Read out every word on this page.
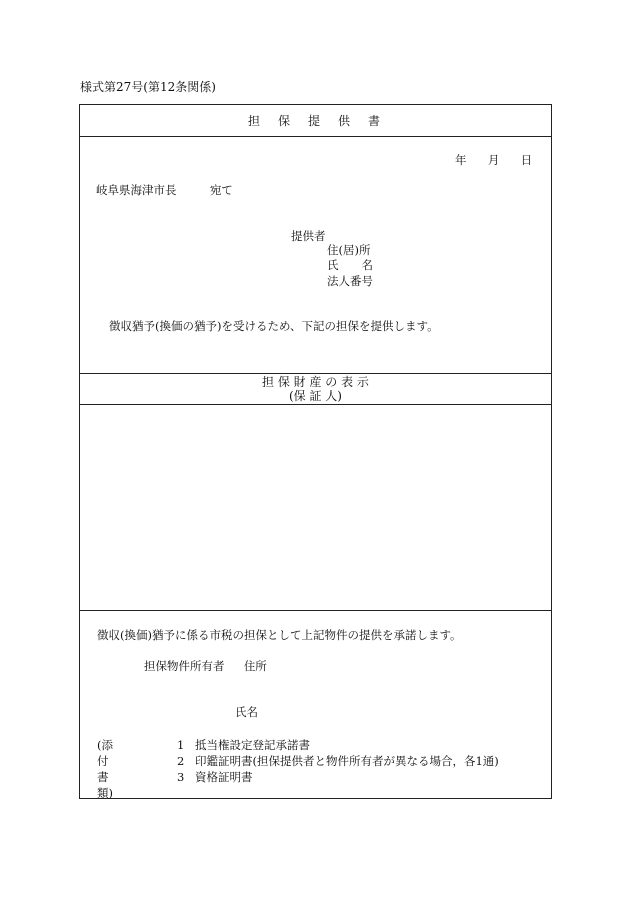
様式第27号(第12条関係)
担　保　提　供　書
年 月 日
岐阜県海津市長	宛て
提供者
住(居)所
氏　　名
法人番号
徴収猶予(換価の猶予)を受けるため、下記の担保を提供します。
担 保 財 産 の 表 示
(保 証 人)
徴収(換価)猶予に係る市税の担保として上記物件の提供を承諾します。
担保物件所有者 住所
氏名
(添付書類)
1 抵当権設定登記承諾書
2 印鑑証明書(担保提供者と物件所有者が異なる場合，各1通)
3 資格証明書
